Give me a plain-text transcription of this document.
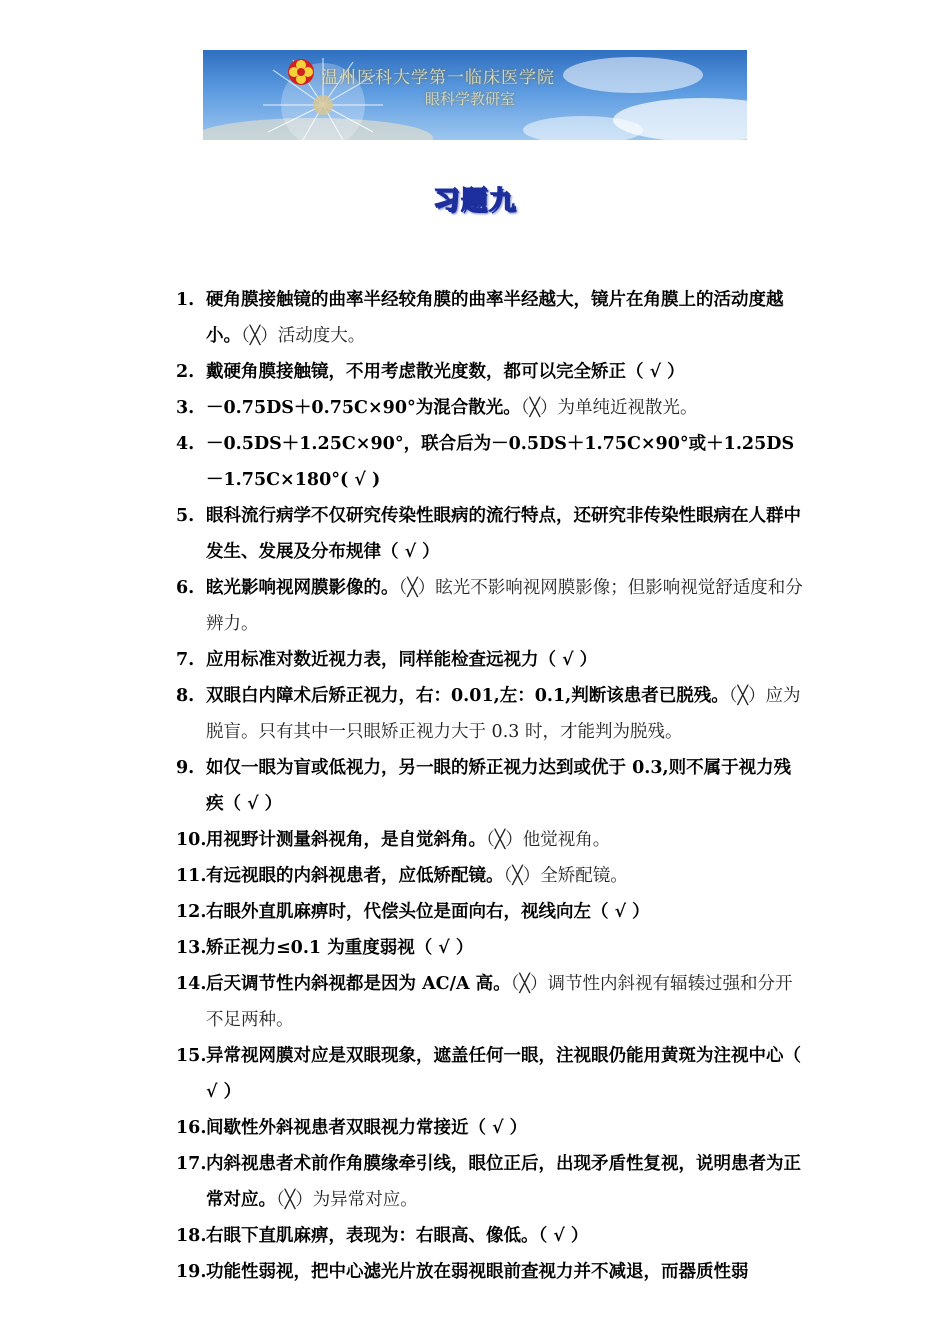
温州医科大学第一临床医学院
眼科学教研室
习题九
1. 硬角膜接触镜的曲率半经较角膜的曲率半经越大，镜片在角膜上的活动度越小。（╳）活动度大。
2. 戴硬角膜接触镜，不用考虑散光度数，都可以完全矫正（ √ ）
3. －0.75DS＋0.75C×90°为混合散光。（╳）为单纯近视散光。
4. －0.5DS＋1.25C×90°，联合后为－0.5DS＋1.75C×90°或＋1.25DS－1.75C×180°( √ )
5. 眼科流行病学不仅研究传染性眼病的流行特点，还研究非传染性眼病在人群中发生、发展及分布规律（ √ ）
6. 眩光影响视网膜影像的。（╳）眩光不影响视网膜影像；但影响视觉舒适度和分辨力。
7. 应用标准对数近视力表，同样能检查远视力（ √ ）
8. 双眼白内障术后矫正视力，右：0.01,左：0.1,判断该患者已脱残。（╳）应为脱盲。只有其中一只眼矫正视力大于 0.3 时，才能判为脱残。
9. 如仅一眼为盲或低视力，另一眼的矫正视力达到或优于 0.3,则不属于视力残疾（ √ ）
10. 用视野计测量斜视角，是自觉斜角。（╳）他觉视角。
11. 有远视眼的内斜视患者，应低矫配镜。（╳）全矫配镜。
12. 右眼外直肌麻痹时，代偿头位是面向右，视线向左（ √ ）
13. 矫正视力≤0.1 为重度弱视（ √ ）
14. 后天调节性内斜视都是因为 AC/A 高。（╳）调节性内斜视有辐辏过强和分开不足两种。
15. 异常视网膜对应是双眼现象，遮盖任何一眼，注视眼仍能用黄斑为注视中心（ √ ）
16. 间歇性外斜视患者双眼视力常接近（ √ ）
17. 内斜视患者术前作角膜缘牵引线，眼位正后，出现矛盾性复视，说明患者为正常对应。（╳）为异常对应。
18. 右眼下直肌麻痹，表现为：右眼高、像低。（ √ ）
19. 功能性弱视，把中心滤光片放在弱视眼前查视力并不减退，而器质性弱
